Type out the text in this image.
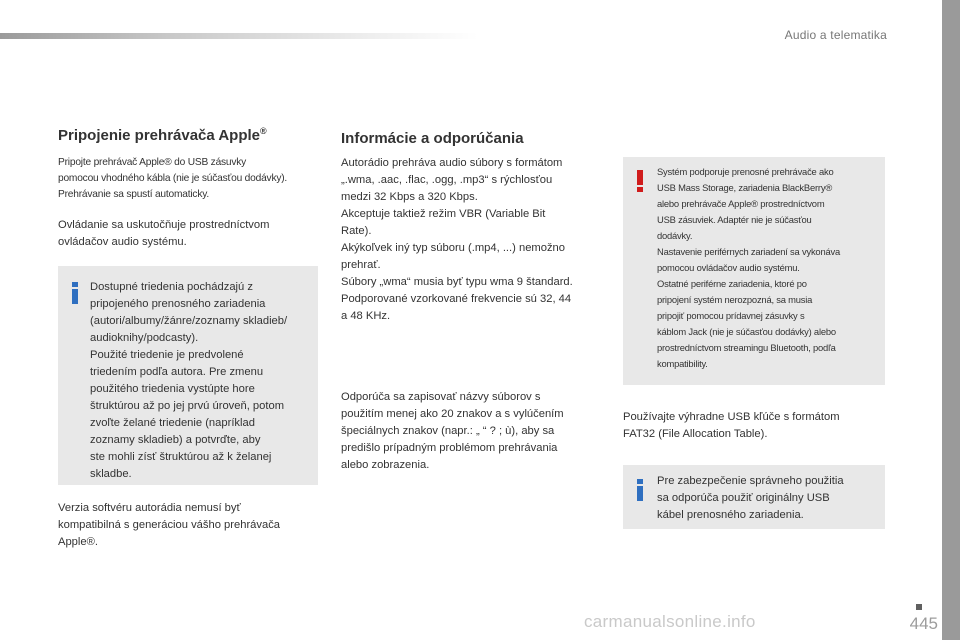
Audio a telematika
445
Pripojenie prehrávača Apple®

Pripojte prehrávač Apple® do USB zásuvky

pomocou vhodného kábla (nie je súčasťou dodávky).

Prehrávanie sa spustí automaticky.

Ovládanie sa uskutočňuje prostredníctvom

ovládačov audio systému.

Dostupné triedenia pochádzajú z

pripojeného prenosného zariadenia

(autori/albumy/žánre/zoznamy skladieb/

audioknihy/podcasty).

Použité triedenie je predvolené

triedením podľa autora. Pre zmenu

použitého triedenia vystúpte hore

štruktúrou až po jej prvú úroveň, potom

zvoľte želané triedenie (napríklad

zoznamy skladieb) a potvrďte, aby

ste mohli zísť štruktúrou až k želanej

skladbe.

Verzia softvéru autorádia nemusí byť

kompatibilná s generáciou vášho prehrávača

Apple®.

Informácie a odporúčania

Autorádio prehráva audio súbory s formátom

„.wma, .aac, .flac, .ogg, .mp3“ s rýchlosťou

medzi 32 Kbps a 320 Kbps.

Akceptuje taktiež režim VBR (Variable Bit

Rate).

Akýkoľvek iný typ súboru (.mp4, ...) nemožno

prehrať.

Súbory „wma“ musia byť typu wma 9 štandard.

Podporované vzorkované frekvencie sú 32, 44

a 48 KHz.

Odporúča sa zapisovať názvy súborov s

použitím menej ako 20 znakov a s vylúčením

špeciálnych znakov (napr.: „ “ ? ; ù), aby sa

predišlo prípadným problémom prehrávania

alebo zobrazenia.

Systém podporuje prenosné prehrávače ako

USB Mass Storage, zariadenia BlackBerry®

alebo prehrávače Apple® prostredníctvom

USB zásuviek. Adaptér nie je súčasťou

dodávky.

Nastavenie periférnych zariadení sa vykonáva

pomocou ovládačov audio systému.

Ostatné periférne zariadenia, ktoré po

pripojení systém nerozpozná, sa musia

pripojiť pomocou prídavnej zásuvky s

káblom Jack (nie je súčasťou dodávky) alebo

prostredníctvom streamingu Bluetooth, podľa

kompatibility.

Používajte výhradne USB kľúče s formátom

FAT32 (File Allocation Table).

Pre zabezpečenie správneho použitia

sa odporúča použiť originálny USB

kábel prenosného zariadenia.

carmanualsonline.info
